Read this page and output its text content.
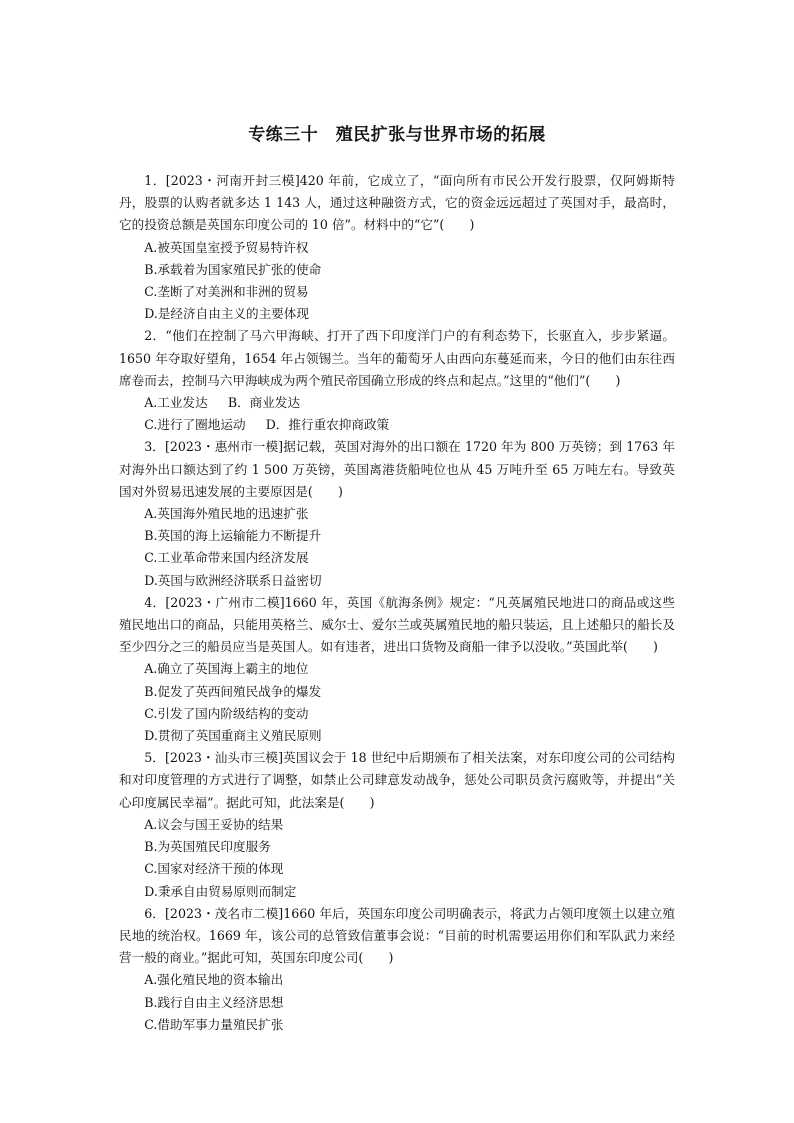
专练三十　殖民扩张与世界市场的拓展

1．[2023・河南开封三模]420 年前，它成立了，“面向所有市民公开发行股票，仅阿姆斯特丹，股票的认购者就多达 1 143 人，通过这种融资方式，它的资金远远超过了英国对手，最高时，它的投资总额是英国东印度公司的 10 倍”。材料中的“它”(　　)

A.被英国皇室授予贸易特许权

B.承载着为国家殖民扩张的使命

C.垄断了对美洲和非洲的贸易

D.是经济自由主义的主要体现

2．“他们在控制了马六甲海峡、打开了西下印度洋门户的有利态势下，长驱直入，步步紧逼。1650 年夺取好望角，1654 年占领锡兰。当年的葡萄牙人由西向东蔓延而来，今日的他们由东往西席卷而去，控制马六甲海峡成为两个殖民帝国确立形成的终点和起点。”这里的“他们”(　　)

A.工业发达 B．商业发达

C.进行了圈地运动 D．推行重农抑商政策

3．[2023・惠州市一模]据记载，英国对海外的出口额在 1720 年为 800 万英镑；到 1763 年对海外出口额达到了约 1 500 万英镑，英国离港货船吨位也从 45 万吨升至 65 万吨左右。导致英国对外贸易迅速发展的主要原因是(　　)

A.英国海外殖民地的迅速扩张

B.英国的海上运输能力不断提升

C.工业革命带来国内经济发展

D.英国与欧洲经济联系日益密切

4．[2023・广州市二模]1660 年，英国《航海条例》规定：“凡英属殖民地进口的商品或这些殖民地出口的商品，只能用英格兰、威尔士、爱尔兰或英属殖民地的船只装运，且上述船只的船长及至少四分之三的船员应当是英国人。如有违者，进出口货物及商船一律予以没收。”英国此举(　　)

A.确立了英国海上霸主的地位

B.促发了英西间殖民战争的爆发

C.引发了国内阶级结构的变动

D.贯彻了英国重商主义殖民原则

5．[2023・汕头市三模]英国议会于 18 世纪中后期颁布了相关法案，对东印度公司的公司结构和对印度管理的方式进行了调整，如禁止公司肆意发动战争，惩处公司职员贪污腐败等，并提出“关心印度属民幸福”。据此可知，此法案是(　　)

A.议会与国王妥协的结果

B.为英国殖民印度服务

C.国家对经济干预的体现

D.秉承自由贸易原则而制定

6．[2023・茂名市二模]1660 年后，英国东印度公司明确表示，将武力占领印度领土以建立殖民地的统治权。1669 年，该公司的总管致信董事会说：“目前的时机需要运用你们和军队武力来经营一般的商业。”据此可知，英国东印度公司(　　)

A.强化殖民地的资本输出

B.践行自由主义经济思想

C.借助军事力量殖民扩张
